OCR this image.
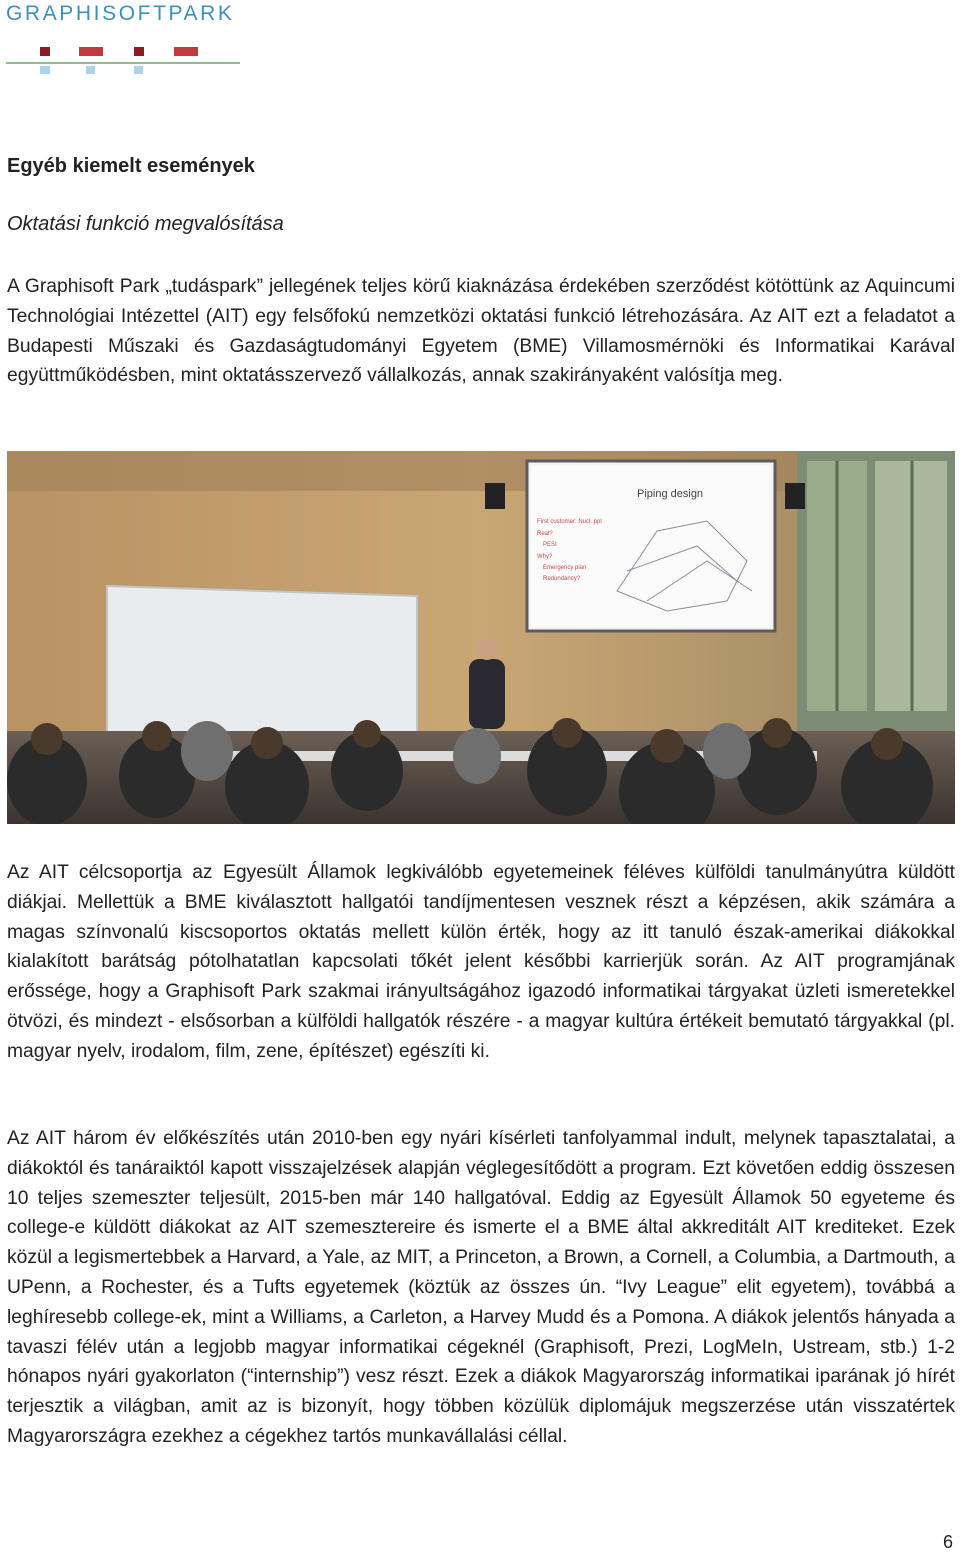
GRAPHISOFTPARK
Egyéb kiemelt események
Oktatási funkció megvalósítása

A Graphisoft Park „tudáspark” jellegének teljes körű kiaknázása érdekében szerződést kötöttünk az Aquincumi Technológiai Intézettel (AIT) egy felsőfokú nemzetközi oktatási funkció létrehozására. Az AIT ezt a feladatot a Budapesti Műszaki és Gazdaságtudományi Egyetem (BME) Villamosmérnöki és Informatikai Karával együttműködésben, mint oktatásszervező vállalkozás, annak szakirányaként valósítja meg.

Az AIT célcsoportja az Egyesült Államok legkiválóbb egyetemeinek féléves külföldi tanulmányútra küldött diákjai. Mellettük a BME kiválasztott hallgatói tandíjmentesen vesznek részt a képzésen, akik számára a magas színvonalú kiscsoportos oktatás mellett külön érték, hogy az itt tanuló észak-amerikai diákokkal kialakított barátság pótolhatatlan kapcsolati tőkét jelent későbbi karrierjük során. Az AIT programjának erőssége, hogy a Graphisoft Park szakmai irányultságához igazodó informatikai tárgyakat üzleti ismeretekkel ötvözi, és mindezt - elsősorban a külföldi hallgatók részére - a magyar kultúra értékeit bemutató tárgyakkal (pl. magyar nyelv, irodalom, film, zene, építészet) egészíti ki.

Az AIT három év előkészítés után 2010-ben egy nyári kísérleti tanfolyammal indult, melynek tapasztalatai, a diákoktól és tanáraiktól kapott visszajelzések alapján véglegesítődött a program. Ezt követően eddig összesen 10 teljes szemeszter teljesült, 2015-ben már 140 hallgatóval. Eddig az Egyesült Államok 50 egyeteme és college-e küldött diákokat az AIT szemesztereire és ismerte el a BME által akkreditált AIT krediteket. Ezek közül a legismertebbek a Harvard, a Yale, az MIT, a Princeton, a Brown, a Cornell, a Columbia, a Dartmouth, a UPenn, a Rochester, és a Tufts egyetemek (köztük az összes ún. “Ivy League” elit egyetem), továbbá a leghíresebb college-ek, mint a Williams, a Carleton, a Harvey Mudd és a Pomona. A diákok jelentős hányada a tavaszi félév után a legjobb magyar informatikai cégeknél (Graphisoft, Prezi, LogMeIn, Ustream, stb.) 1-2 hónapos nyári gyakorlaton (“internship”) vesz részt. Ezek a diákok Magyarország informatikai iparának jó hírét terjesztik a világban, amit az is bizonyít, hogy többen közülük diplomájuk megszerzése után visszatértek Magyarországra ezekhez a cégekhez tartós munkavállalási céllal.

Piping design
First customer: Nucl. ppl
Real?
PESI
Why?
Emergency plan
Redundancy?
6
